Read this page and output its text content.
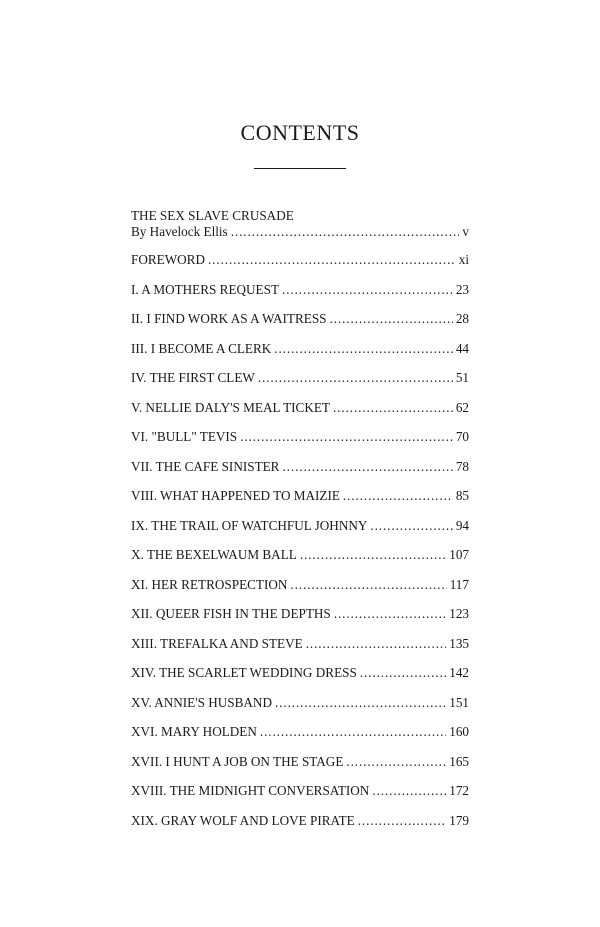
CONTENTS
THE SEX SLAVE CRUSADE
By Havelock Ellis . . .	v
FOREWORD . . .	xi
I. A MOTHERS REQUEST . . .	23
II. I FIND WORK AS A WAITRESS . . .	28
III. I BECOME A CLERK . . .	44
IV. THE FIRST CLEW . . .	51
V. NELLIE DALY'S MEAL TICKET . . .	62
VI. "BULL" TEVIS . . .	70
VII. THE CAFE SINISTER . . .	78
VIII. WHAT HAPPENED TO MAIZIE . . .	85
IX. THE TRAIL OF WATCHFUL JOHNNY . . .	94
X. THE BEXELWAUM BALL . . .	107
XI. HER RETROSPECTION . . .	117
XII. QUEER FISH IN THE DEPTHS . . .	123
XIII. TREFALKA AND STEVE . . .	135
XIV. THE SCARLET WEDDING DRESS . . .	142
XV. ANNIE'S HUSBAND . . .	151
XVI. MARY HOLDEN . . .	160
XVII. I HUNT A JOB ON THE STAGE . . .	165
XVIII. THE MIDNIGHT CONVERSATION . . .	172
XIX. GRAY WOLF AND LOVE PIRATE . . .	179
